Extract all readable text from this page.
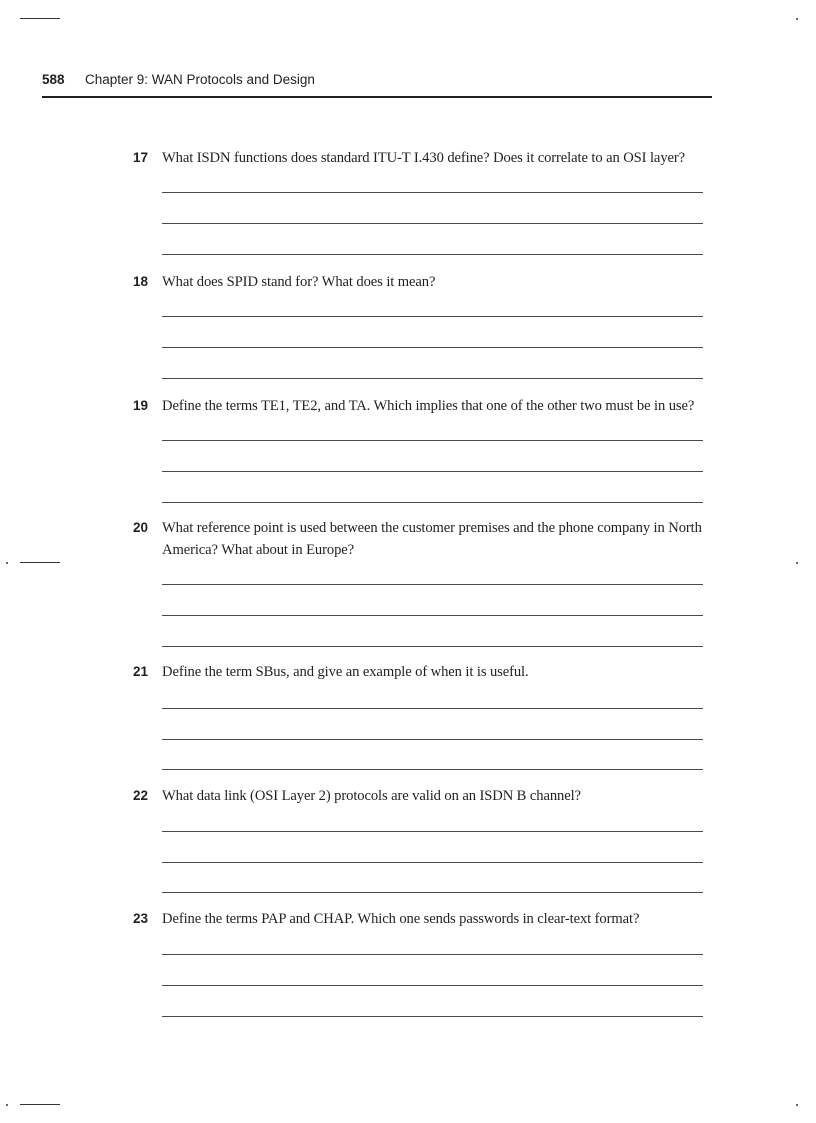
588 Chapter 9: WAN Protocols and Design
17 What ISDN functions does standard ITU-T I.430 define? Does it correlate to an OSI layer?
18 What does SPID stand for? What does it mean?
19 Define the terms TE1, TE2, and TA. Which implies that one of the other two must be in use?
20 What reference point is used between the customer premises and the phone company in North America? What about in Europe?
21 Define the term SBus, and give an example of when it is useful.
22 What data link (OSI Layer 2) protocols are valid on an ISDN B channel?
23 Define the terms PAP and CHAP. Which one sends passwords in clear-text format?
